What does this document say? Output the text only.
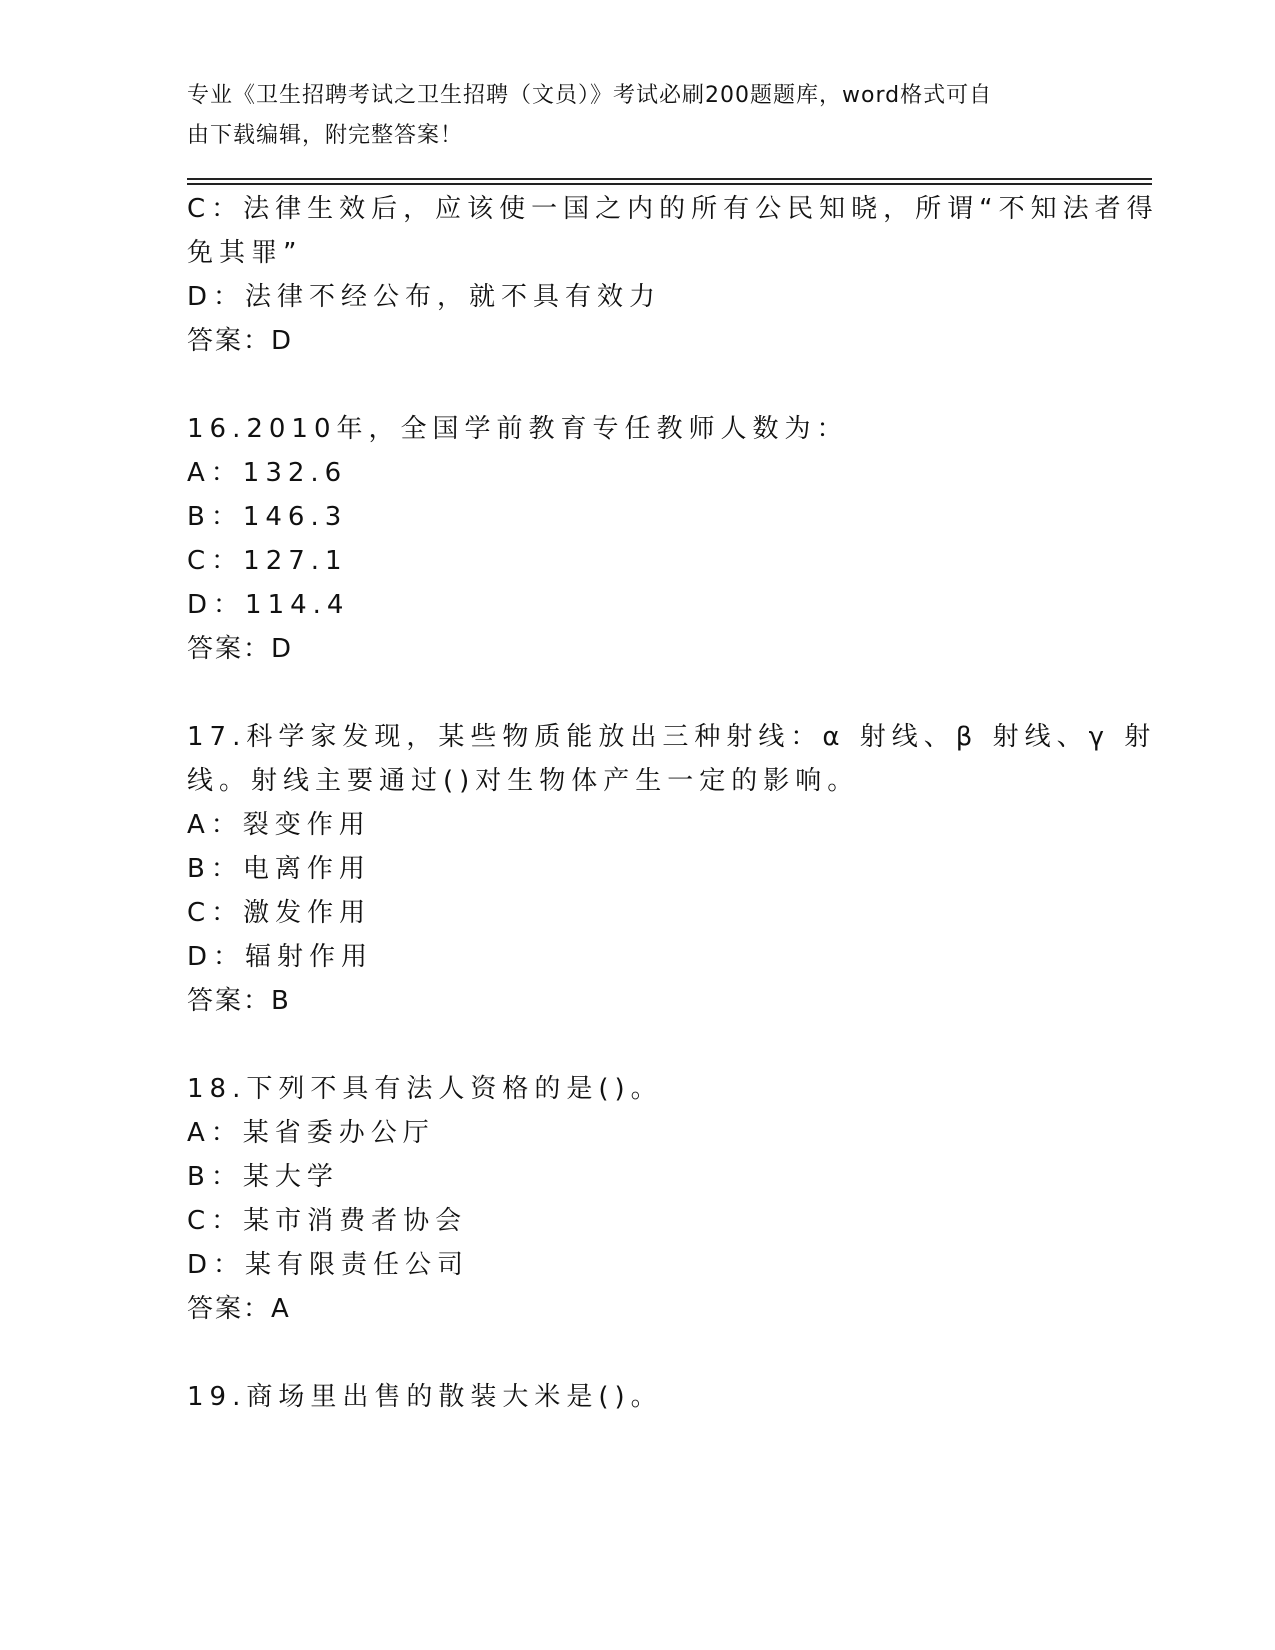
专业《卫生招聘考试之卫生招聘（文员）》考试必刷200题题库，word格式可自
由下载编辑，附完整答案！
C：法律生效后，应该使一国之内的所有公民知晓，所谓“不知法者得
免其罪”
D：法律不经公布，就不具有效力
答案：D
16.2010年，全国学前教育专任教师人数为：
A：132.6
B：146.3
C：127.1
D：114.4
答案：D
17.科学家发现，某些物质能放出三种射线：α 射线、β 射线、γ 射
线。射线主要通过()对生物体产生一定的影响。
A：裂变作用
B：电离作用
C：激发作用
D：辐射作用
答案：B
18.下列不具有法人资格的是()。
A：某省委办公厅
B：某大学
C：某市消费者协会
D：某有限责任公司
答案：A
19.商场里出售的散装大米是()。
